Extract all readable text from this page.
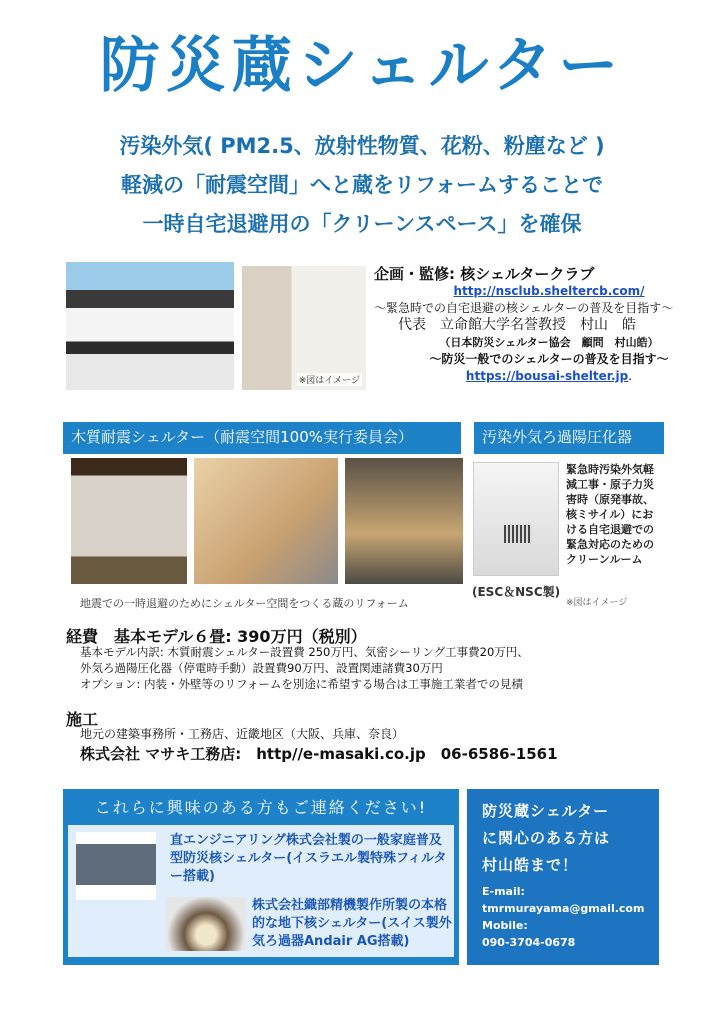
防災蔵シェルター
汚染外気( PM2.5、放射性物質、花粉、粉塵など )
軽減の「耐震空間」へと蔵をリフォームすることで
一時自宅退避用の「クリーンスペース」を確保
※図はイメージ
企画・監修: 核シェルタークラブ
http://nsclub.sheltercb.com/
～緊急時での自宅退避の核シェルターの普及を目指す～
代表　立命館大学名誉教授　村山　皓
（日本防災シェルター協会　顧問　村山皓）
～防災一般でのシェルターの普及を目指す～
https://bousai-shelter.jp.
木質耐震シェルター（耐震空間100%実行委員会）	汚染外気ろ過陽圧化器
緊急時汚染外気軽減工事・原子力災害時（原発事故、核ミサイル）における自宅退避での緊急対応のためのクリーンルーム
(ESC＆NSC製)
※図はイメージ
地震での一時退避のためにシェルター空間をつくる蔵のリフォーム
経費　基本モデル６畳: 390万円（税別）
基本モデル内訳: 木質耐震シェルター設置費 250万円、気密シーリング工事費20万円、
外気ろ過陽圧化器（停電時手動）設置費90万円、設置関連諸費30万円
オプション: 内装・外壁等のリフォームを別途に希望する場合は工事施工業者での見積
施工
地元の建築事務所・工務店、近畿地区（大阪、兵庫、奈良）
株式会社 マサキ工務店:　http//e-masaki.co.jp　06-6586-1561
これらに興味のある方もご連絡ください!
直エンジニアリング株式会社製の一般家庭普及型防災核シェルター(イスラエル製特殊フィルター搭載)
株式会社織部精機製作所製の本格的な地下核シェルター(スイス製外気ろ過器Andair AG搭載)
防災蔵シェルター
に関心のある方は
村山皓まで！
E-mail:
tmrmurayama@gmail.com
Mobile:
090-3704-0678
